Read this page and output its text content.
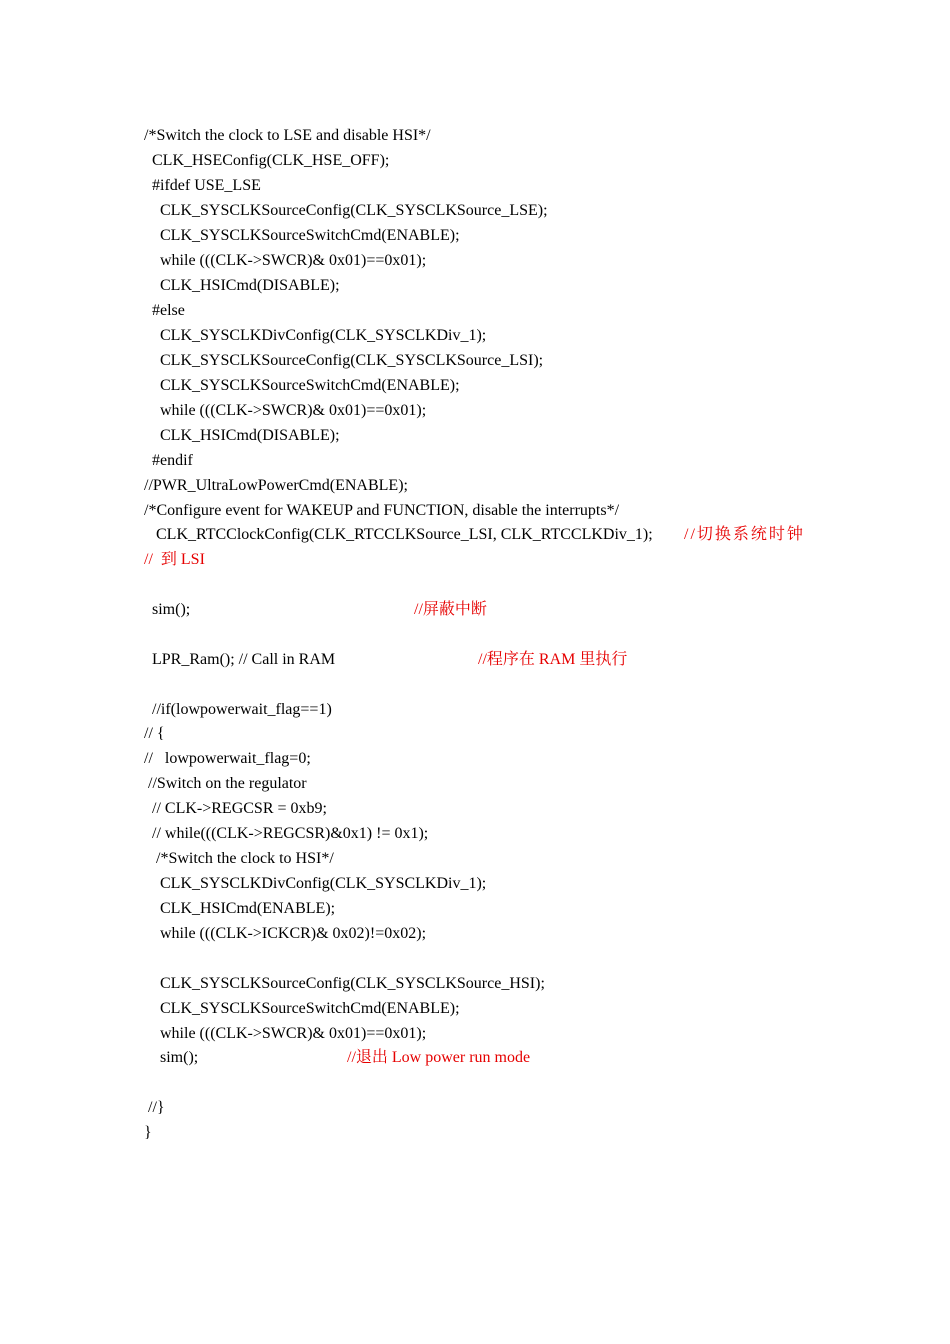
/*Switch the clock to LSE and disable HSI*/
CLK_HSEConfig(CLK_HSE_OFF);
#ifdef USE_LSE
CLK_SYSCLKSourceConfig(CLK_SYSCLKSource_LSE);
CLK_SYSCLKSourceSwitchCmd(ENABLE);
while (((CLK->SWCR)& 0x01)==0x01);
CLK_HSICmd(DISABLE);
#else
CLK_SYSCLKDivConfig(CLK_SYSCLKDiv_1);
CLK_SYSCLKSourceConfig(CLK_SYSCLKSource_LSI);
CLK_SYSCLKSourceSwitchCmd(ENABLE);
while (((CLK->SWCR)& 0x01)==0x01);
CLK_HSICmd(DISABLE);
#endif
//PWR_UltraLowPowerCmd(ENABLE);
/*Configure event for WAKEUP and FUNCTION, disable the interrupts*/
CLK_RTCClockConfig(CLK_RTCCLKSource_LSI, CLK_RTCCLKDiv_1); //切换系统时钟
//  到 LSI
sim();	//屏蔽中断
LPR_Ram(); // Call in RAM	//程序在 RAM 里执行
//if(lowpowerwait_flag==1)
// {
//   lowpowerwait_flag=0;
//Switch on the regulator
// CLK->REGCSR = 0xb9;
// while(((CLK->REGCSR)&0x1) != 0x1);
/*Switch the clock to HSI*/
CLK_SYSCLKDivConfig(CLK_SYSCLKDiv_1);
CLK_HSICmd(ENABLE);
while (((CLK->ICKCR)& 0x02)!=0x02);
CLK_SYSCLKSourceConfig(CLK_SYSCLKSource_HSI);
CLK_SYSCLKSourceSwitchCmd(ENABLE);
while (((CLK->SWCR)& 0x01)==0x01);
sim();	//退出 Low power run mode
//}
}
